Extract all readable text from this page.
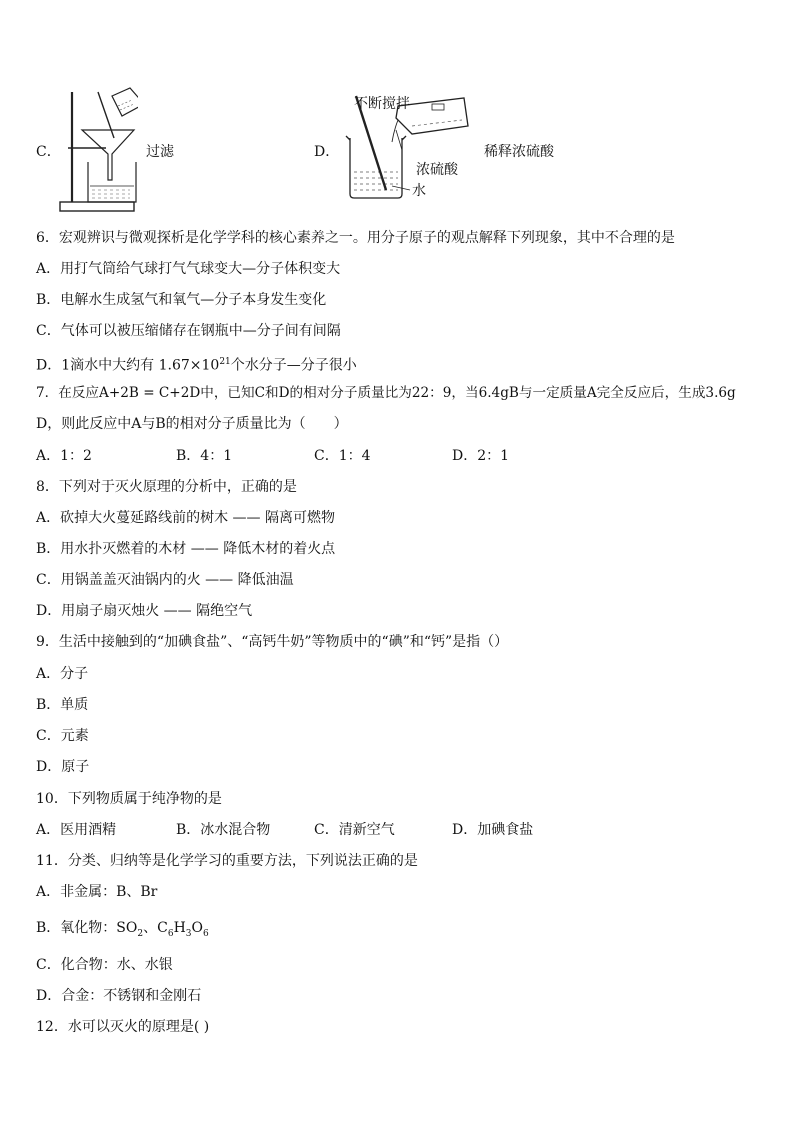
C．	过滤	D．
不断搅拌
浓硫酸
水
稀释浓硫酸
6．宏观辨识与微观探析是化学学科的核心素养之一。用分子原子的观点解释下列现象，其中不合理的是
A．用打气筒给气球打气气球变大—分子体积变大
B．电解水生成氢气和氧气—分子本身发生变化
C．气体可以被压缩储存在钢瓶中—分子间有间隔
D．1滴水中大约有 $1.67\times 10^{21}$个水分子—分子很小
7．在反应A+2B = C+2D中，已知C和D的相对分子质量比为22：9，当6.4gB与一定质量A完全反应后，生成3.6g
D，则此反应中A与B的相对分子质量比为（　　）
A．1：2	B．4：1	C．1：4	D．2：1
8．下列对于灭火原理的分析中，正确的是
A．砍掉大火蔓延路线前的树木 —— 隔离可燃物
B．用水扑灭燃着的木材 —— 降低木材的着火点
C．用锅盖盖灭油锅内的火 —— 降低油温
D．用扇子扇灭烛火 —— 隔绝空气
9．生活中接触到的“加碘食盐”、“高钙牛奶”等物质中的“碘”和“钙”是指（）
A．分子
B．单质
C．元素
D．原子
10．下列物质属于纯净物的是
A．医用酒精	B．冰水混合物	C．清新空气	D．加碘食盐
11．分类、归纳等是化学学习的重要方法，下列说法正确的是
A．非金属：B、Br
B．氧化物：$SO_2$、$C_6H_3O_6$
C．化合物：水、水银
D．合金：不锈钢和金刚石
12．水可以灭火的原理是( )
